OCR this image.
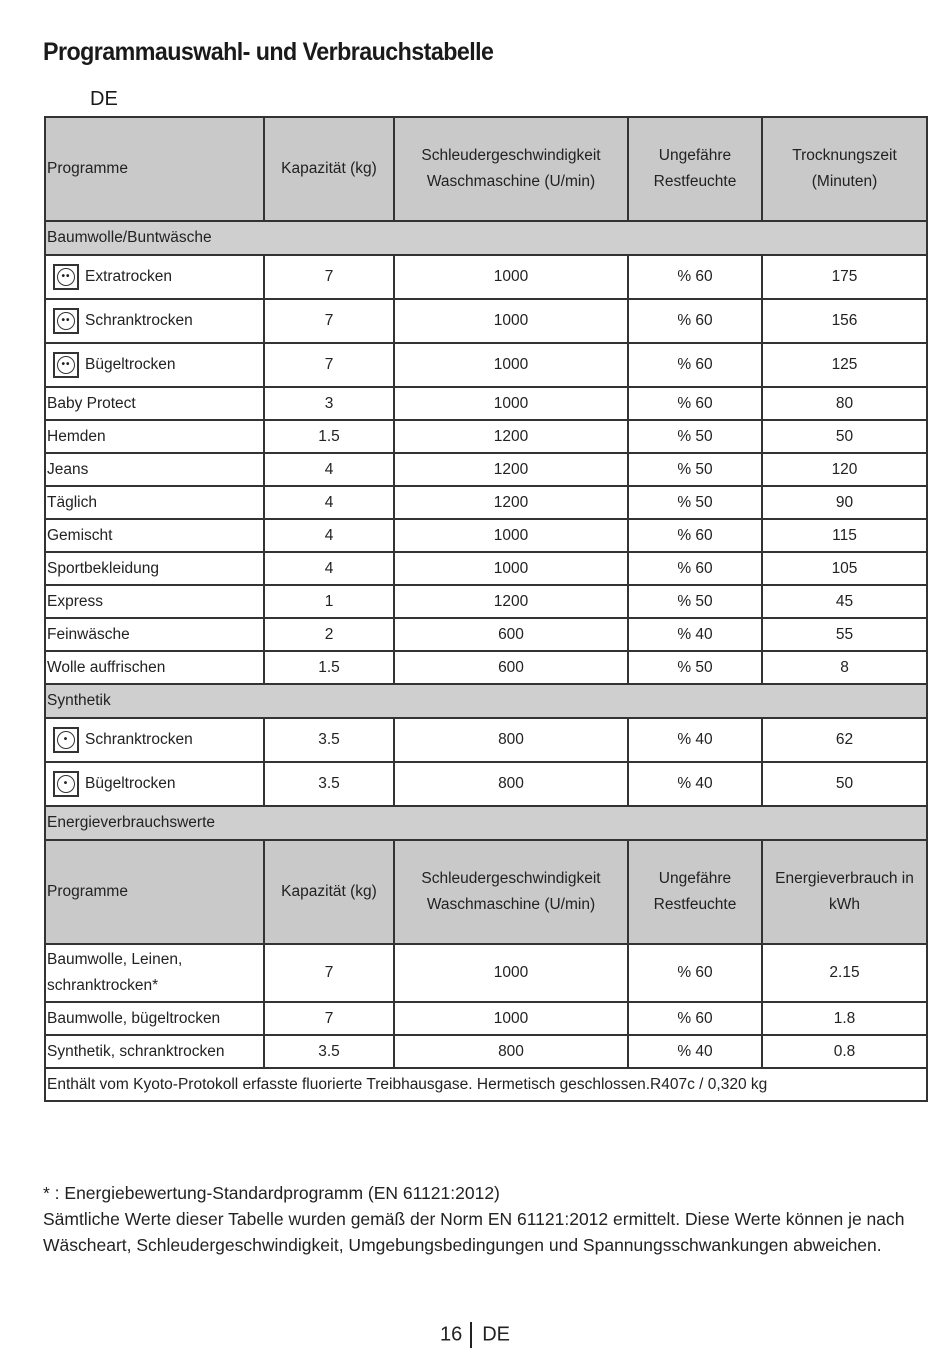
Programmauswahl- und Verbrauchstabelle
DE
Programme	Kapazität (kg)	Schleudergeschwindigkeit Waschmaschine (U/min)	Ungefähre Restfeuchte	Trocknungszeit (Minuten)
Baumwolle/Buntwäsche				

•• Extratrocken	7	1000	% 60	175

•• Schranktrocken	7	1000	% 60	156

•• Bügeltrocken	7	1000	% 60	125
Baby Protect	3	1000	% 60	80
Hemden	1.5	1200	% 50	50
Jeans	4	1200	% 50	120
Täglich	4	1200	% 50	90
Gemischt	4	1000	% 60	115
Sportbekleidung	4	1000	% 60	105
Express	1	1200	% 50	45
Feinwäsche	2	600	% 40	55
Wolle auffrischen	1.5	600	% 50	8
Synthetik				

• Schranktrocken	3.5	800	% 40	62

• Bügeltrocken	3.5	800	% 40	50
Energieverbrauchswerte				
Programme	Kapazität (kg)	Schleudergeschwindigkeit Waschmaschine (U/min)	Ungefähre Restfeuchte	Energieverbrauch in kWh
Baumwolle, Leinen, schranktrocken*	7	1000	% 60	2.15
Baumwolle, bügeltrocken	7	1000	% 60	1.8
Synthetik, schranktrocken	3.5	800	% 40	0.8
Enthält vom Kyoto-Protokoll erfasste fluorierte Treibhausgase. Hermetisch geschlossen.R407c / 0,320 kg				
* : Energiebewertung-Standardprogramm (EN 61121:2012)
Sämtliche Werte dieser Tabelle wurden gemäß der Norm EN 61121:2012 ermittelt. Diese Werte können je nach Wäscheart, Schleudergeschwindigkeit, Umgebungsbedingungen und Spannungsschwankungen abweichen.
16 DE
